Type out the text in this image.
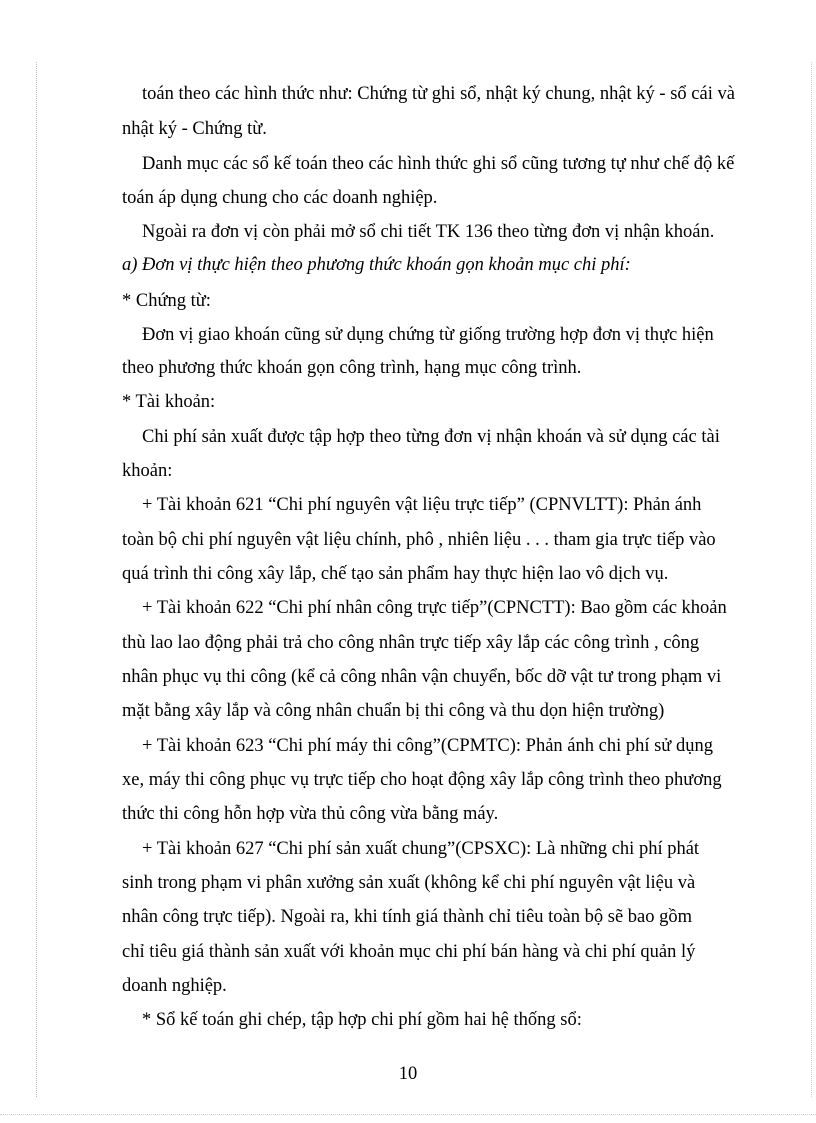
toán theo các hình thức như: Chứng từ ghi sổ, nhật ký chung, nhật ký - sổ cái và
nhật ký - Chứng từ.
Danh mục các sổ kế toán theo các hình thức ghi sổ cũng tương tự như chế độ kế
toán áp dụng chung cho các doanh nghiệp.
Ngoài ra đơn vị còn phải mở sổ chi tiết TK 136 theo từng đơn vị nhận khoán.
a) Đơn vị thực hiện theo phương thức khoán gọn khoản mục chi phí:
* Chứng từ:
Đơn vị giao khoán cũng sử dụng chứng từ giống trường hợp đơn vị thực hiện
theo phương thức khoán gọn công trình, hạng mục công trình.
* Tài khoản:
Chi phí sản xuất được tập hợp theo từng đơn vị nhận khoán và sử dụng các tài
khoản:
+ Tài khoản 621 “Chi phí nguyên vật liệu trực tiếp” (CPNVLTT): Phản ánh
toàn bộ chi phí nguyên vật liệu chính, phô , nhiên liệu . . . tham gia trực tiếp vào
quá trình thi công xây lắp, chế tạo sản phẩm hay thực hiện lao vô dịch vụ.
+ Tài khoản 622 “Chi phí nhân công trực tiếp”(CPNCTT): Bao gồm các khoản
thù lao lao động phải trả cho công nhân trực tiếp xây lắp các công trình , công
nhân phục vụ thi công (kể cả công nhân vận chuyển, bốc dỡ vật tư trong phạm vi
mặt bằng xây lắp và công nhân chuẩn bị thi công và thu dọn hiện trường)
+ Tài khoản 623 “Chi phí máy thi công”(CPMTC): Phản ánh chi phí sử dụng
xe, máy thi công phục vụ trực tiếp cho hoạt động xây lắp công trình theo phương
thức thi công hỗn hợp vừa thủ công vừa bằng máy.
+ Tài khoản 627 “Chi phí sản xuất chung”(CPSXC): Là những chi phí phát
sinh trong phạm vi phân xưởng sản xuất (không kể chi phí nguyên vật liệu và
nhân công trực tiếp). Ngoài ra, khi tính giá thành chỉ tiêu toàn bộ sẽ bao gồm
chỉ tiêu giá thành sản xuất với khoản mục chi phí bán hàng và chi phí quản lý
doanh nghiệp.
* Sổ kế toán ghi chép, tập hợp chi phí gồm hai hệ thống sổ:
10
